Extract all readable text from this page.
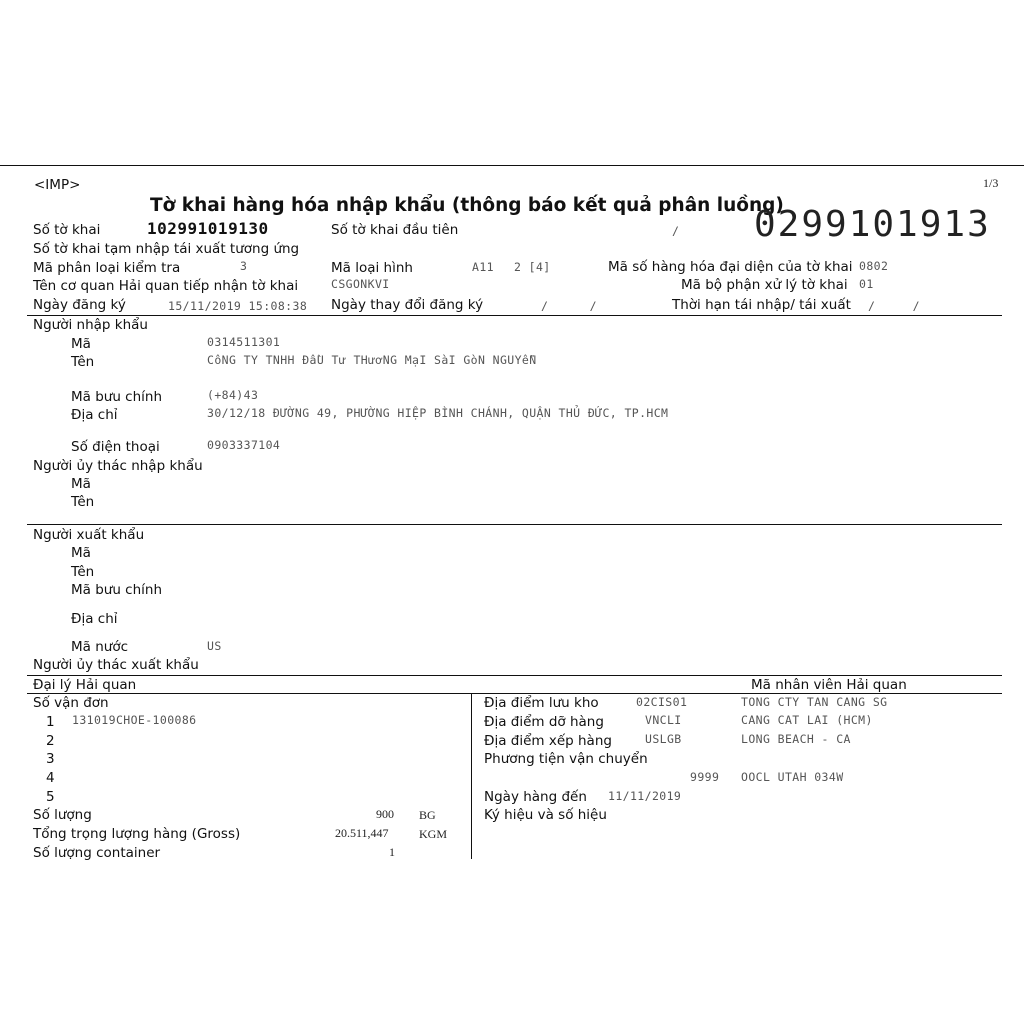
<IMP>	1/3
Tờ khai hàng hóa nhập khẩu (thông báo kết quả phân luồng)
0299101913
Số tờ khai	102991019130	Số tờ khai đầu tiên	/
Số tờ khai tạm nhập tái xuất tương ứng
Mã phân loại kiểm tra	3	Mã loại hình	A11 2 [4]	Mã số hàng hóa đại diện của tờ khai 0802
Tên cơ quan Hải quan tiếp nhận tờ khai	CSGONKVI	Mã bộ phận xử lý tờ khai 01
Ngày đăng ký	15/11/2019 15:08:38 Ngày thay đổi đăng ký	/ /	Thời hạn tái nhập/ tái xuất / /
Người nhập khẩu
Mã	0314511301
Tên	CôNG TY TNHH ĐầU Tư THươNG MạI SàI GòN NGUYễN
Mã bưu chính	(+84)43
Địa chỉ	30/12/18 ĐƯỜNG 49, PHƯỜNG HIỆP BÌNH CHÁNH, QUẬN THỦ ĐỨC, TP.HCM
Số điện thoại	0903337104
Người ủy thác nhập khẩu
Mã
Tên
Người xuất khẩu
Mã
Tên
Mã bưu chính
Địa chỉ
Mã nước	US
Người ủy thác xuất khẩu
Đại lý Hải quan	Mã nhân viên Hải quan
Số vận đơn
1 131019CHOE-100086
2
3
4
5
Số lượng	900 BG
Tổng trọng lượng hàng (Gross)	20.511,447	KGM
Số lượng container	1
Địa điểm lưu kho	02CIS01	TONG CTY TAN CANG SG
Địa điểm dỡ hàng	VNCLI	CANG CAT LAI (HCM)
Địa điểm xếp hàng	USLGB	LONG BEACH - CA
Phương tiện vận chuyển
9999 OOCL UTAH 034W
Ngày hàng đến 11/11/2019
Ký hiệu và số hiệu
